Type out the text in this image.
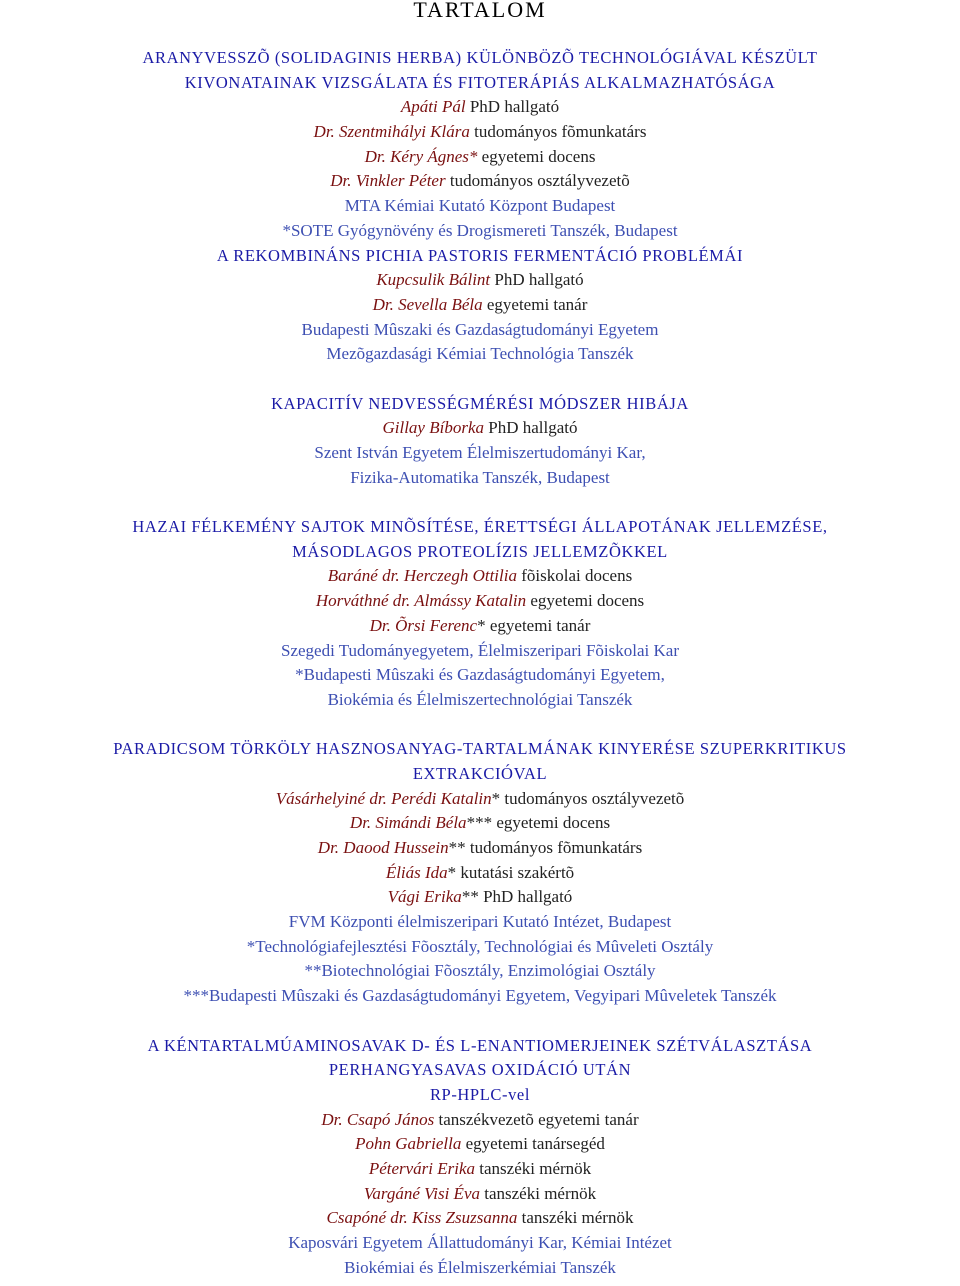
TARTALOM
ARANYVESSZÕ (SOLIDAGINIS HERBA) KÜLÖNBÖZÕ TECHNOLÓGIÁVAL KÉSZÜLT
KIVONATAINAK VIZSGÁLATA ÉS FITOTERÁPIÁS ALKALMAZHATÓSÁGA
Apáti Pál PhD hallgató
Dr. Szentmihályi Klára tudományos fõmunkatárs
Dr. Kéry Ágnes* egyetemi docens
Dr. Vinkler Péter tudományos osztályvezetõ
MTA Kémiai Kutató Központ Budapest
*SOTE Gyógynövény és Drogismereti Tanszék, Budapest
A REKOMBINÁNS PICHIA PASTORIS FERMENTÁCIÓ PROBLÉMÁI
Kupcsulik Bálint PhD hallgató
Dr. Sevella Béla egyetemi tanár
Budapesti Mûszaki és Gazdaságtudományi Egyetem
Mezõgazdasági Kémiai Technológia Tanszék
KAPACITÍV NEDVESSÉGMÉRÉSI MÓDSZER HIBÁJA
Gillay Bíborka PhD hallgató
Szent István Egyetem Élelmiszertudományi Kar,
Fizika-Automatika Tanszék, Budapest
HAZAI FÉLKEMÉNY SAJTOK MINÕSÍTÉSE, ÉRETTSÉGI ÁLLAPOTÁNAK JELLEMZÉSE,
MÁSODLAGOS PROTEOLÍZIS JELLEMZÕKKEL
Baráné dr. Herczegh Ottilia fõiskolai docens
Horváthné dr. Almássy Katalin egyetemi docens
Dr. Õrsi Ferenc* egyetemi tanár
Szegedi Tudományegyetem, Élelmiszeripari Fõiskolai Kar
*Budapesti Mûszaki és Gazdaságtudományi Egyetem,
Biokémia és Élelmiszertechnológiai Tanszék
PARADICSOM TÖRKÖLY HASZNOSANYAG-TARTALMÁNAK KINYERÉSE SZUPERKRITIKUS
EXTRAKCIÓVAL
Vásárhelyiné dr. Perédi Katalin* tudományos osztályvezetõ
Dr. Simándi Béla*** egyetemi docens
Dr. Daood Hussein** tudományos fõmunkatárs
Éliás Ida* kutatási szakértõ
Vági Erika** PhD hallgató
FVM Központi élelmiszeripari Kutató Intézet, Budapest
*Technológiafejlesztési Fõosztály, Technológiai és Mûveleti Osztály
**Biotechnológiai Fõosztály, Enzimológiai Osztály
***Budapesti Mûszaki és Gazdaságtudományi Egyetem, Vegyipari Mûveletek Tanszék
A KÉNTARTALMÚAMINOSAVAK D- ÉS L-ENANTIOMERJEINEK SZÉTVÁLASZTÁSA
PERHANGYASAVAS OXIDÁCIÓ UTÁN
RP-HPLC-vel
Dr. Csapó János tanszékvezetõ egyetemi tanár
Pohn Gabriella egyetemi tanársegéd
Pétervári Erika tanszéki mérnök
Vargáné Visi Éva tanszéki mérnök
Csapóné dr. Kiss Zsuzsanna tanszéki mérnök
Kaposvári Egyetem Állattudományi Kar, Kémiai Intézet
Biokémiai és Élelmiszerkémiai Tanszék
